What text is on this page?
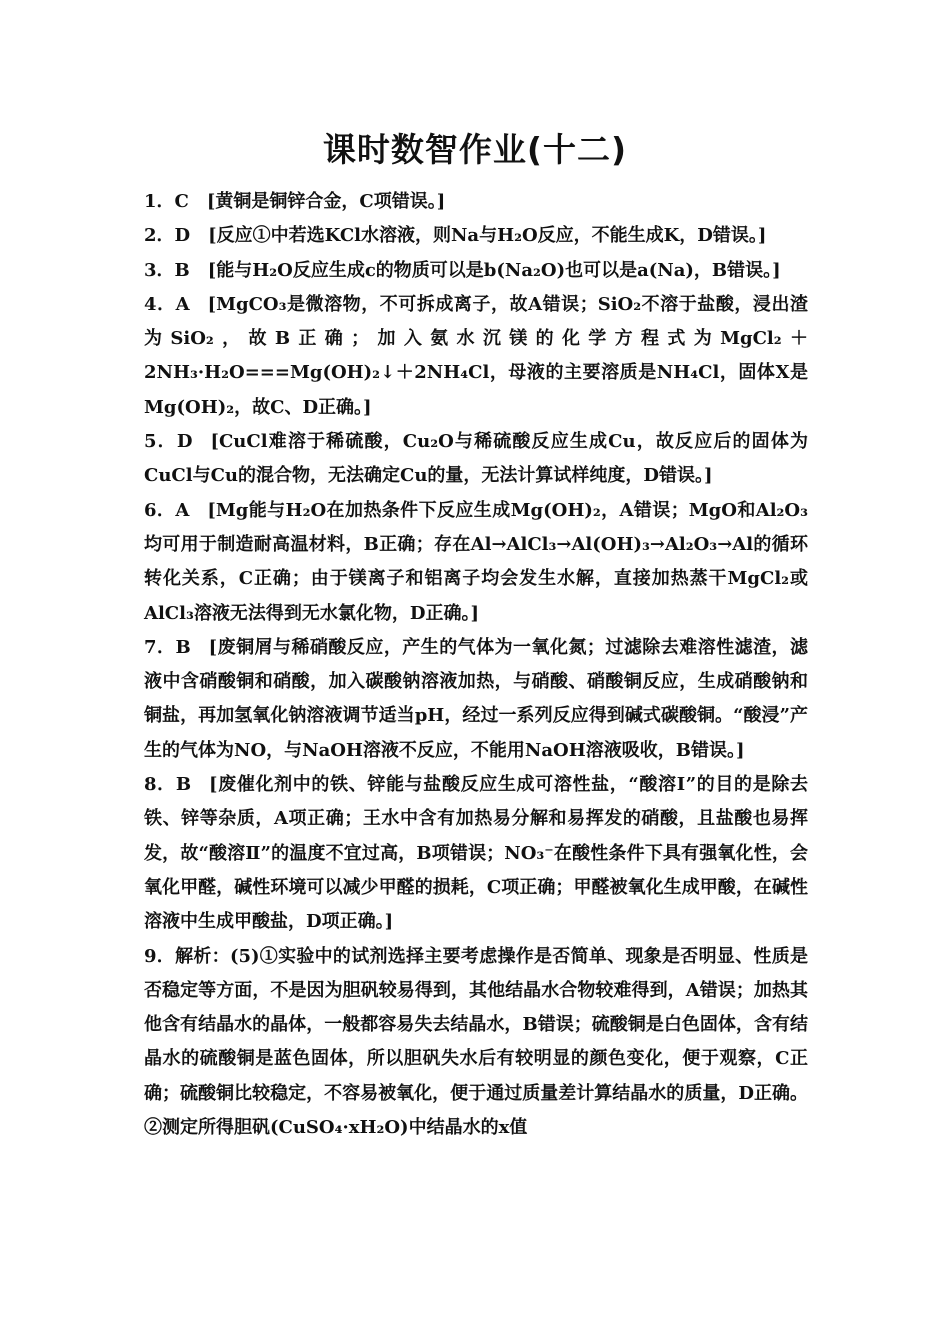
课时数智作业(十二)

1．C [黄铜是铜锌合金，C项错误。]

2．D [反应①中若选KCl水溶液，则Na与H₂O反应，不能生成K，D错误。]

3．B [能与H₂O反应生成c的物质可以是b(Na₂O)也可以是a(Na)，B错误。]

4．A [MgCO₃是微溶物，不可拆成离子，故A错误；SiO₂不溶于盐酸，浸出渣为SiO₂，故B正确；加入氨水沉镁的化学方程式为MgCl₂＋2NH₃·H₂O===Mg(OH)₂↓＋2NH₄Cl，母液的主要溶质是NH₄Cl，固体X是Mg(OH)₂，故C、D正确。]

5．D [CuCl难溶于稀硫酸，Cu₂O与稀硫酸反应生成Cu，故反应后的固体为CuCl与Cu的混合物，无法确定Cu的量，无法计算试样纯度，D错误。]

6．A [Mg能与H₂O在加热条件下反应生成Mg(OH)₂，A错误；MgO和Al₂O₃均可用于制造耐高温材料，B正确；存在Al→AlCl₃→Al(OH)₃→Al₂O₃→Al的循环转化关系，C正确；由于镁离子和铝离子均会发生水解，直接加热蒸干MgCl₂或AlCl₃溶液无法得到无水氯化物，D正确。]

7．B [废铜屑与稀硝酸反应，产生的气体为一氧化氮；过滤除去难溶性滤渣，滤液中含硝酸铜和硝酸，加入碳酸钠溶液加热，与硝酸、硝酸铜反应，生成硝酸钠和铜盐，再加氢氧化钠溶液调节适当pH，经过一系列反应得到碱式碳酸铜。“酸浸”产生的气体为NO，与NaOH溶液不反应，不能用NaOH溶液吸收，B错误。]

8．B [废催化剂中的铁、锌能与盐酸反应生成可溶性盐，“酸溶Ⅰ”的目的是除去铁、锌等杂质，A项正确；王水中含有加热易分解和易挥发的硝酸，且盐酸也易挥发，故“酸溶Ⅱ”的温度不宜过高，B项错误；NO₃⁻在酸性条件下具有强氧化性，会氧化甲醛，碱性环境可以减少甲醛的损耗，C项正确；甲醛被氧化生成甲酸，在碱性溶液中生成甲酸盐，D项正确。]

9．解析：(5)①实验中的试剂选择主要考虑操作是否简单、现象是否明显、性质是否稳定等方面，不是因为胆矾较易得到，其他结晶水合物较难得到，A错误；加热其他含有结晶水的晶体，一般都容易失去结晶水，B错误；硫酸铜是白色固体，含有结晶水的硫酸铜是蓝色固体，所以胆矾失水后有较明显的颜色变化，便于观察，C正确；硫酸铜比较稳定，不容易被氧化，便于通过质量差计算结晶水的质量，D正确。②测定所得胆矾(CuSO₄·xH₂O)中结晶水的x值
